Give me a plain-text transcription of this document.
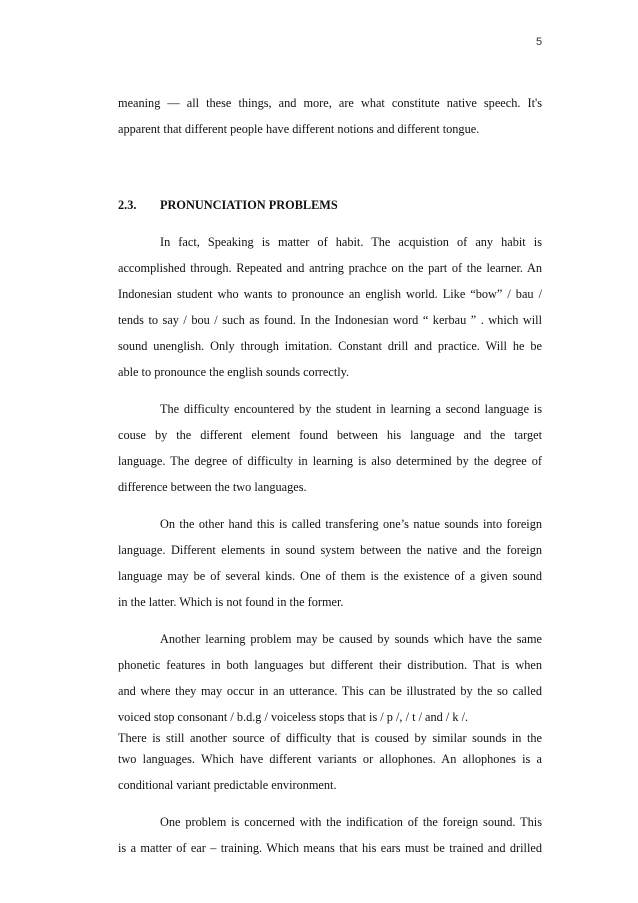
5
meaning — all these things, and more, are what constitute native speech. It's
apparent that different people have different notions and different tongue.
2.3. PRONUNCIATION PROBLEMS
In fact, Speaking is matter of habit. The acquistion of any habit is
accomplished through. Repeated and antring prachce on the part of the learner. An
Indonesian student who wants to pronounce an english world. Like “bow” / bau /
tends to say / bou / such as found. In the Indonesian word “ kerbau ” . which will
sound unenglish. Only through imitation. Constant drill and practice. Will he be
able to pronounce the english sounds correctly.
The difficulty encountered by the student in learning a second language is
couse by the different element found between his language and the target
language. The degree of difficulty in learning is also determined by the degree of
difference between the two languages.
On the other hand this is called transfering one’s natue sounds into foreign
language. Different elements in sound system between the native and the foreign
language may be of several kinds. One of them is the existence of a given sound
in the latter. Which is not found in the former.
Another learning problem may be caused by sounds which have the same
phonetic features in both languages but different their distribution. That is when
and where they may occur in an utterance. This can be illustrated by the so called
voiced stop consonant / b.d.g / voiceless stops that is / p /, / t / and / k /.
There is still another source of difficulty that is coused by similar sounds in the
two languages. Which have different variants or allophones. An allophones is a
conditional variant predictable environment.
One problem is concerned with the indification of the foreign sound. This
is a matter of ear – training. Which means that his ears must be trained and drilled
